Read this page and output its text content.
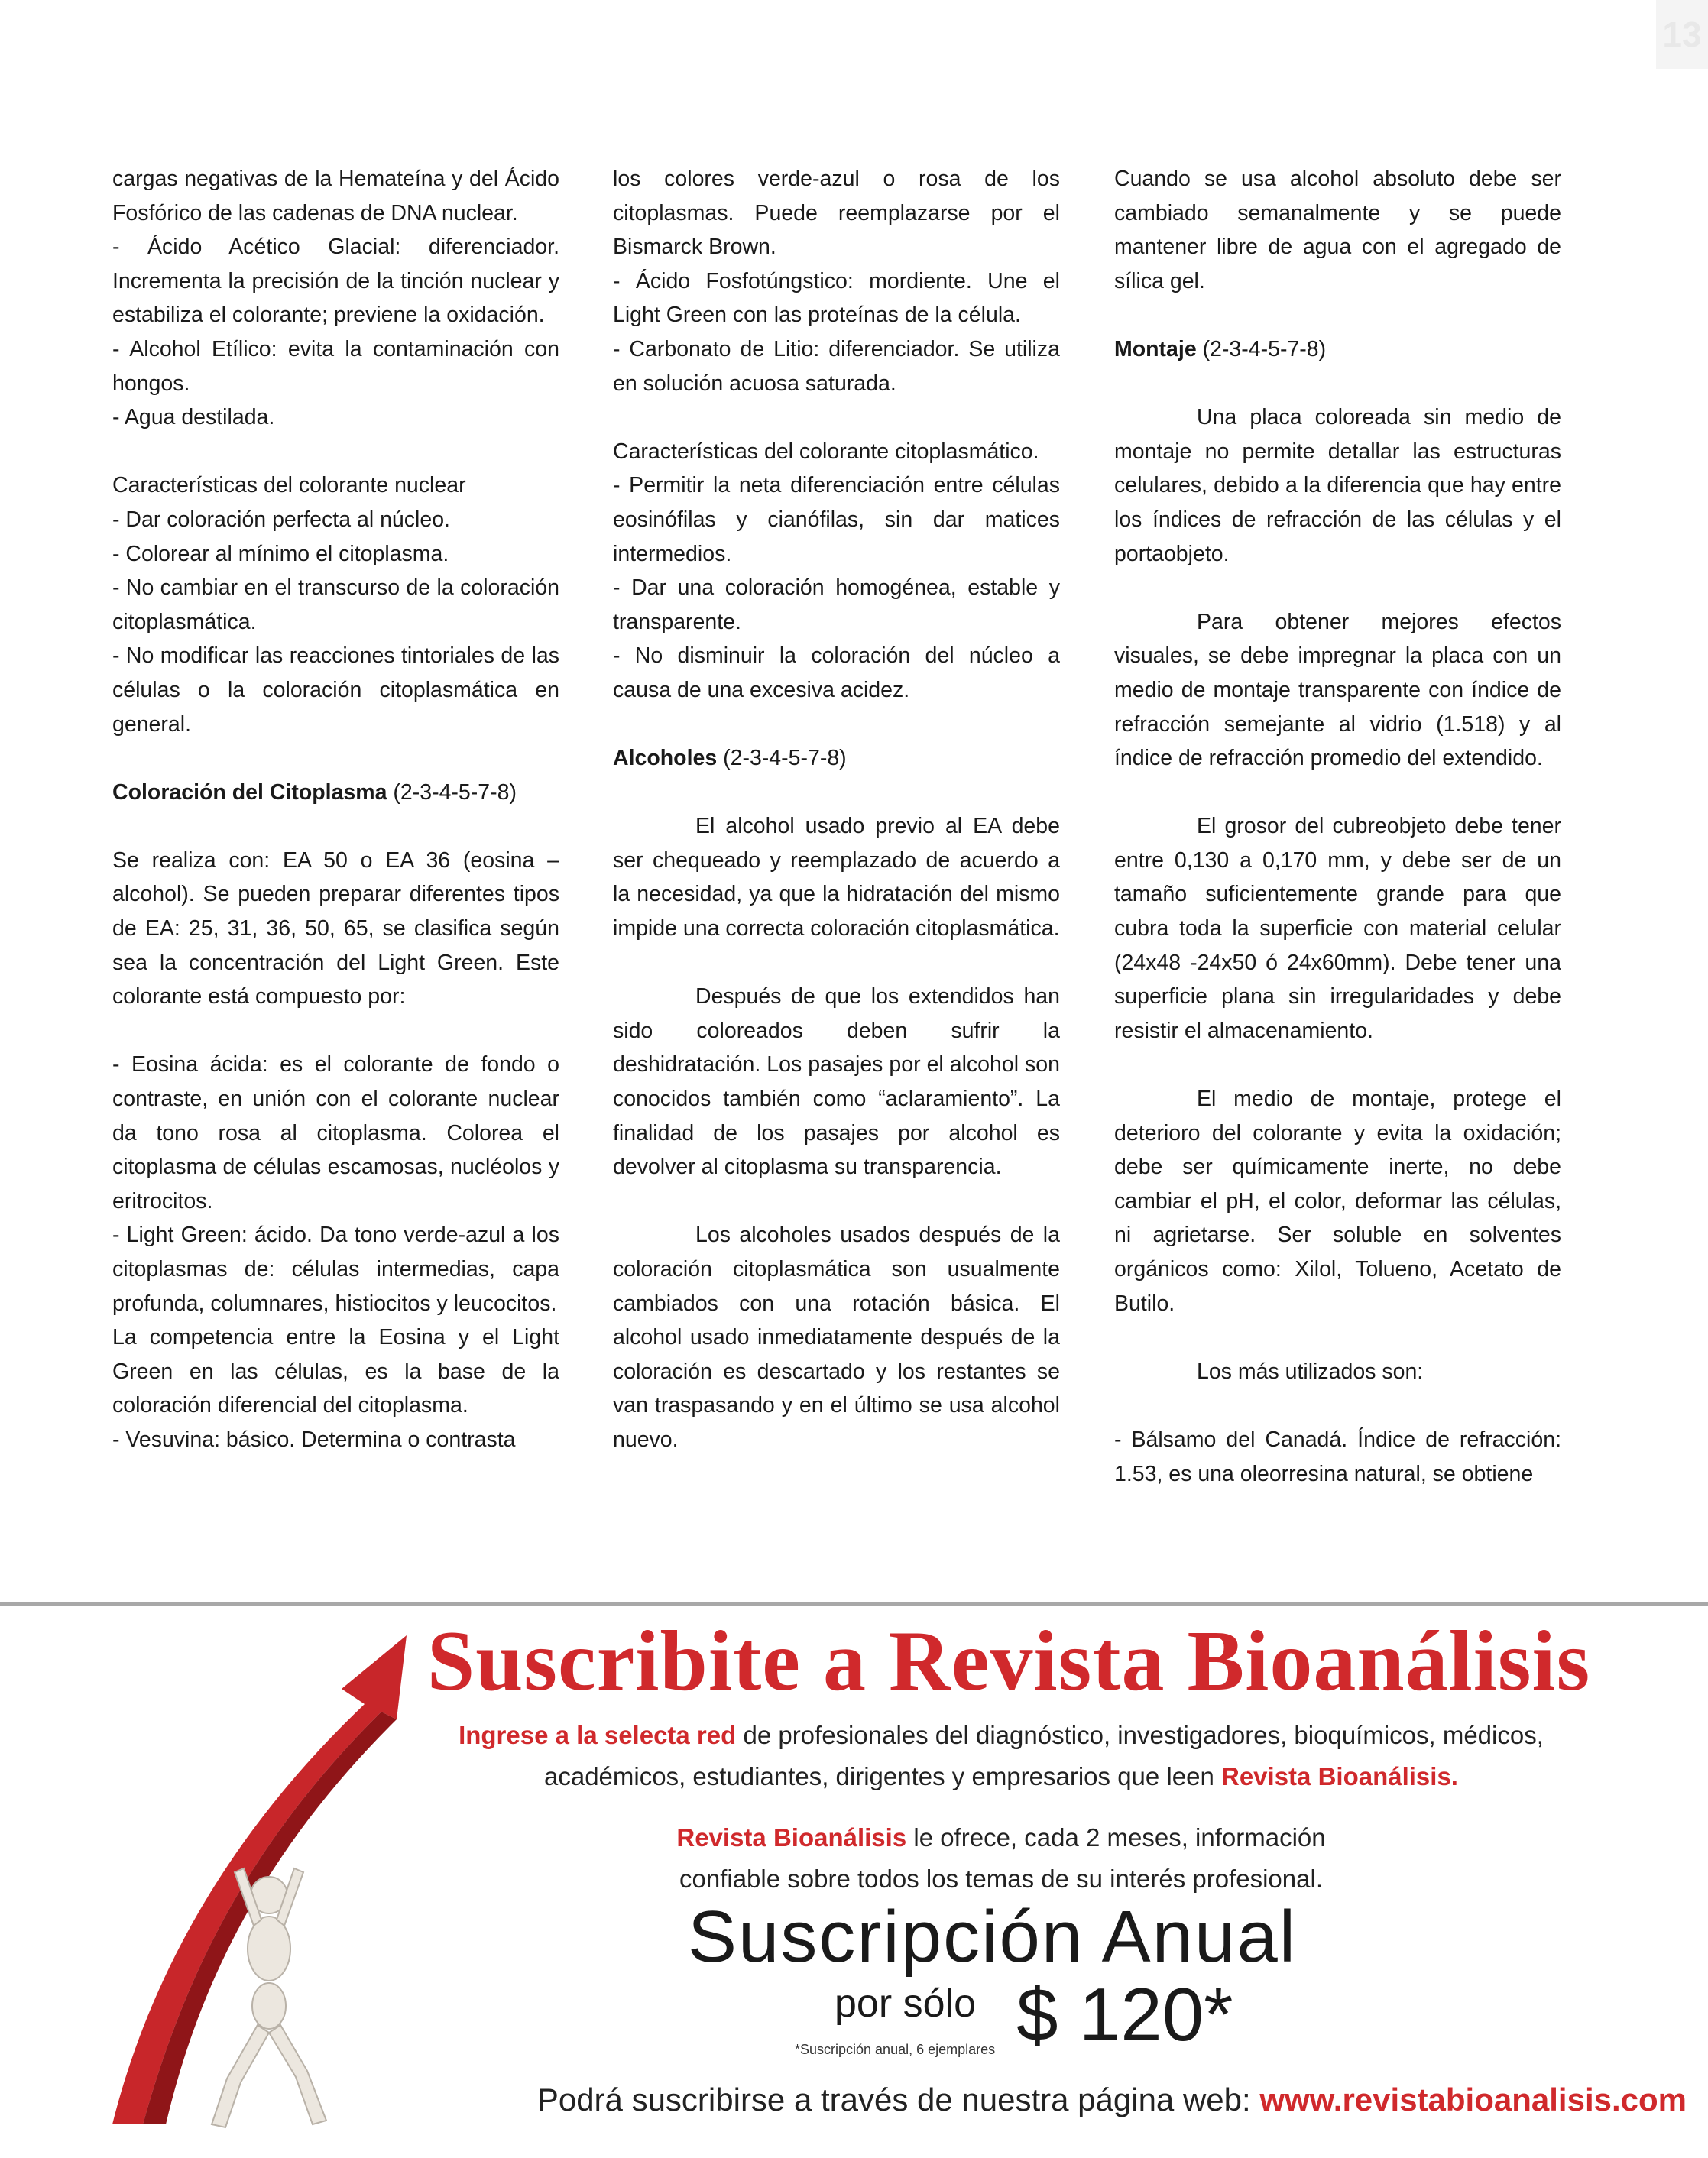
13

cargas negativas de la Hemateína y del Ácido Fosfórico de las cadenas de DNA nuclear.

- Ácido Acético Glacial: diferenciador. Incrementa la precisión de la tinción nuclear y estabiliza el colorante; previene la oxidación.

- Alcohol Etílico: evita la contaminación con hongos.

- Agua destilada.

Características del colorante nuclear

- Dar coloración perfecta al núcleo.

- Colorear al mínimo el citoplasma.

- No cambiar en el transcurso de la coloración citoplasmática.

- No modificar las reacciones tintoriales de las células o la coloración citoplasmática en general.

Coloración del Citoplasma (2-3-4-5-7-8)

Se realiza con: EA 50 o EA 36 (eosina – alcohol). Se pueden preparar diferentes tipos de EA: 25, 31, 36, 50, 65, se clasifica según sea la concentración del Light Green. Este colorante está compuesto por:

- Eosina ácida: es el colorante de fondo o contraste, en unión con el colorante nuclear da tono rosa al citoplasma. Colorea el citoplasma de células escamosas, nucléolos y eritrocitos.

- Light Green: ácido. Da tono verde-azul a los citoplasmas de: células intermedias, capa profunda, columnares, histiocitos y leucocitos.

La competencia entre la Eosina y el Light Green en las células, es la base de la coloración diferencial del citoplasma.

- Vesuvina: básico. Determina o contrasta

los colores verde-azul o rosa de los citoplasmas. Puede reemplazarse por el Bismarck Brown.

- Ácido Fosfotúngstico: mordiente. Une el Light Green con las proteínas de la célula.

- Carbonato de Litio: diferenciador. Se utiliza en solución acuosa saturada.

Características del colorante citoplasmático.

- Permitir la neta diferenciación entre células eosinófilas y cianófilas, sin dar matices intermedios.

- Dar una coloración homogénea, estable y transparente.

- No disminuir la coloración del núcleo a causa de una excesiva acidez.

Alcoholes (2-3-4-5-7-8)

El alcohol usado previo al EA debe ser chequeado y reemplazado de acuerdo a la necesidad, ya que la hidratación del mismo impide una correcta coloración citoplasmática.

Después de que los extendidos han sido coloreados deben sufrir la deshidratación. Los pasajes por el alcohol son conocidos también como “aclaramiento”. La finalidad de los pasajes por alcohol es devolver al citoplasma su transparencia.

Los alcoholes usados después de la coloración citoplasmática son usualmente cambiados con una rotación básica. El alcohol usado inmediatamente después de la coloración es descartado y los restantes se van traspasando y en el último se usa alcohol nuevo.

Cuando se usa alcohol absoluto debe ser cambiado semanalmente y se puede mantener libre de agua con el agregado de sílica gel.

Montaje (2-3-4-5-7-8)

Una placa coloreada sin medio de montaje no permite detallar las estructuras celulares, debido a la diferencia que hay entre los índices de refracción de las células y el portaobjeto.

Para obtener mejores efectos visuales, se debe impregnar la placa con un medio de montaje transparente con índice de refracción semejante al vidrio (1.518) y al índice de refracción promedio del extendido.

El grosor del cubreobjeto debe tener entre 0,130 a 0,170 mm, y debe ser de un tamaño suficientemente grande para que cubra toda la superficie con material celular (24x48 -24x50 ó 24x60mm). Debe tener una superficie plana sin irregularidades y debe resistir el almacenamiento.

El medio de montaje, protege el deterioro del colorante y evita la oxidación; debe ser químicamente inerte, no debe cambiar el pH, el color, deformar las células, ni agrietarse. Ser soluble en solventes orgánicos como: Xilol, Tolueno, Acetato de Butilo.

Los más utilizados son:

- Bálsamo del Canadá. Índice de refracción: 1.53, es una oleorresina natural, se obtiene

Suscribite a Revista Bioanálisis
Ingrese a la selecta red de profesionales del diagnóstico, investigadores, bioquímicos, médicos,
académicos, estudiantes, dirigentes y empresarios que leen Revista Bioanálisis.
Revista Bioanálisis le ofrece, cada 2 meses, información
confiable sobre todos los temas de su interés profesional.
Suscripción Anual
por sólo $ 120*
*Suscripción anual, 6 ejemplares
Podrá suscribirse a través de nuestra página web: www.revistabioanalisis.com
